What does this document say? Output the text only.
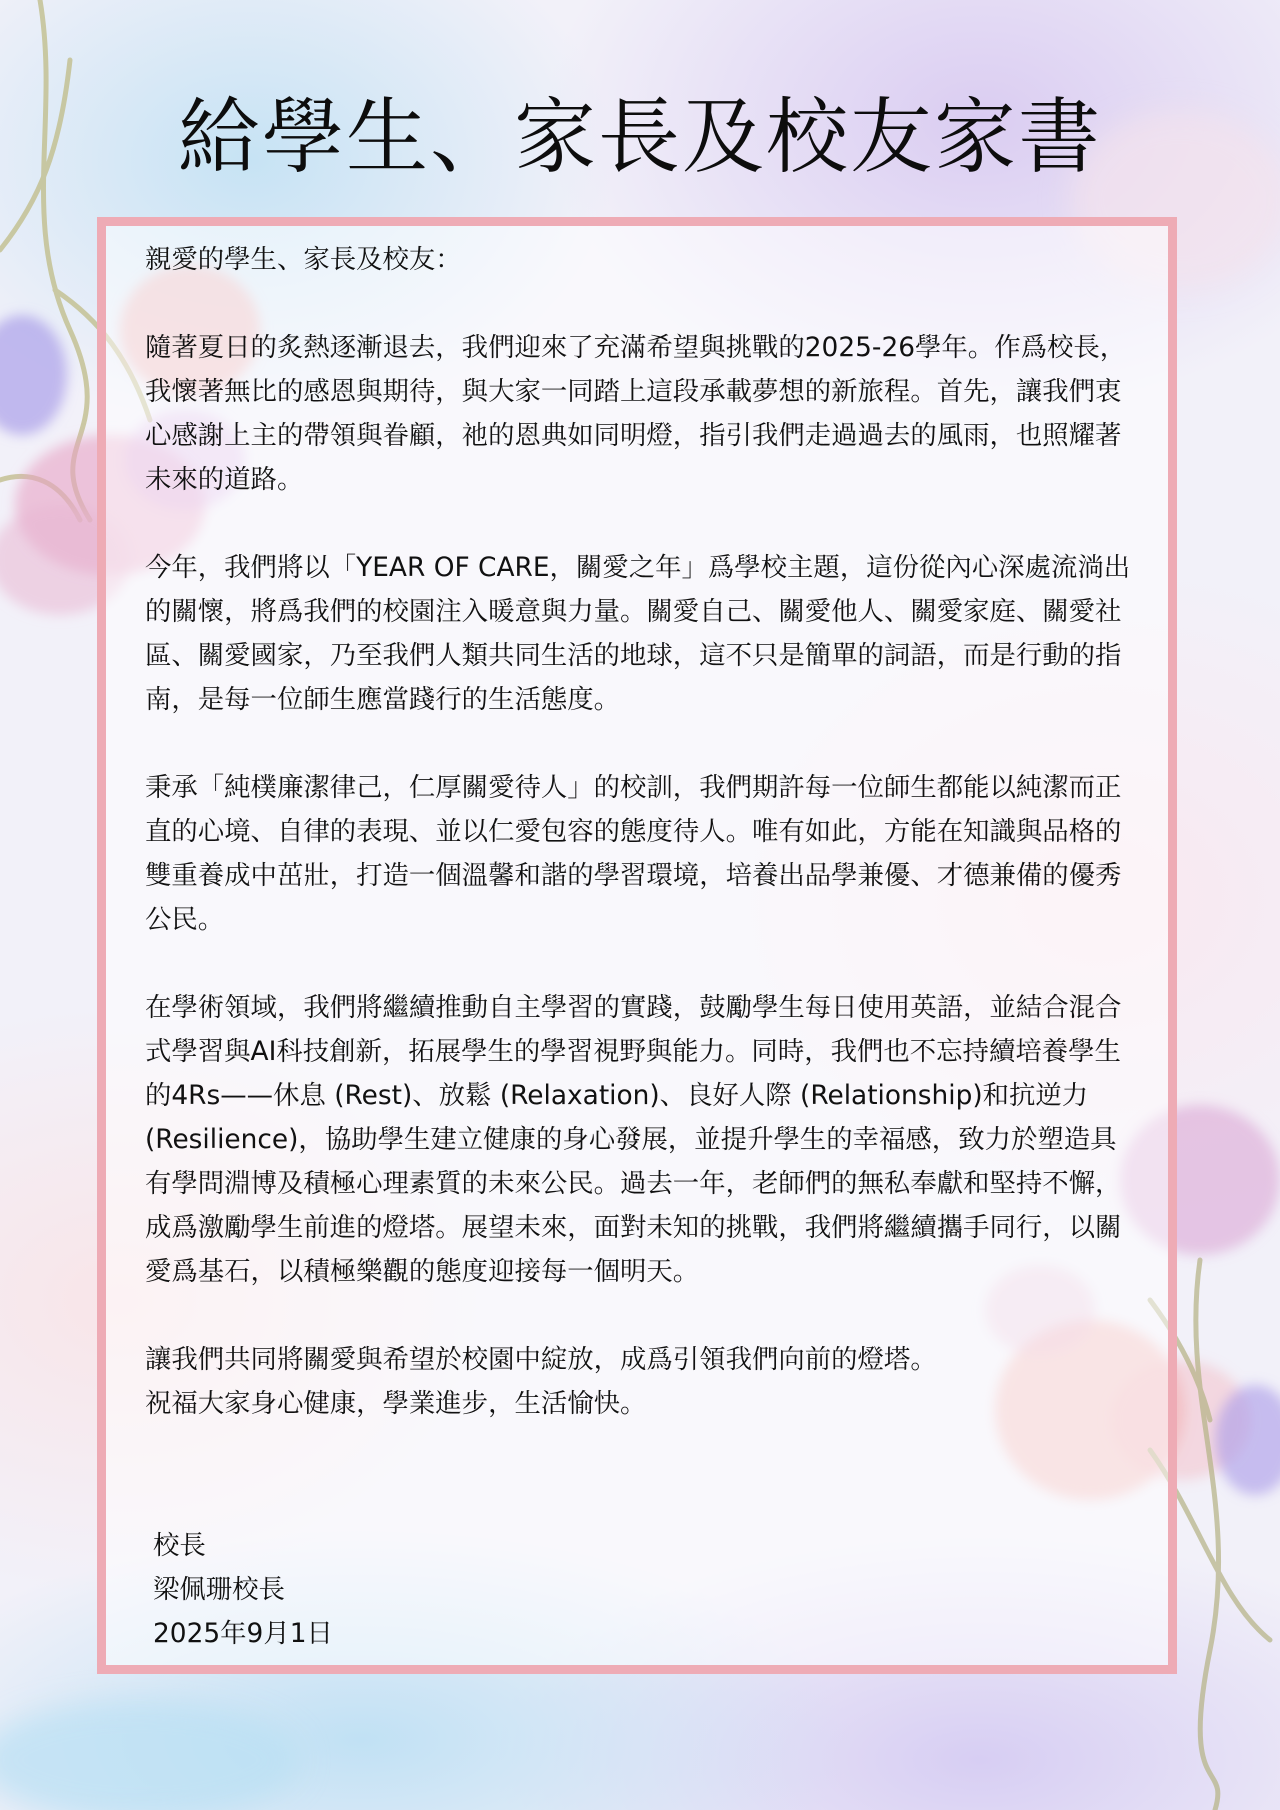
給學生、家長及校友家書

親愛的學生、家長及校友：

隨著夏日的炙熱逐漸退去，我們迎來了充滿希望與挑戰的2025-26學年。作爲校長，我懷著無比的感恩與期待，與大家一同踏上這段承載夢想的新旅程。首先，讓我們衷心感謝上主的帶領與眷顧，祂的恩典如同明燈，指引我們走過過去的風雨，也照耀著未來的道路。

今年，我們將以「YEAR OF CARE，關愛之年」爲學校主題，這份從內心深處流淌出的關懷，將爲我們的校園注入暖意與力量。關愛自己、關愛他人、關愛家庭、關愛社區、關愛國家，乃至我們人類共同生活的地球，這不只是簡單的詞語，而是行動的指南，是每一位師生應當踐行的生活態度。

秉承「純樸廉潔律己，仁厚關愛待人」的校訓，我們期許每一位師生都能以純潔而正直的心境、自律的表現、並以仁愛包容的態度待人。唯有如此，方能在知識與品格的雙重養成中茁壯，打造一個溫馨和諧的學習環境，培養出品學兼優、才德兼備的優秀公民。

在學術領域，我們將繼續推動自主學習的實踐，鼓勵學生每日使用英語，並結合混合式學習與AI科技創新，拓展學生的學習視野與能力。同時，我們也不忘持續培養學生的4Rs——休息 (Rest)、放鬆 (Relaxation)、良好人際 (Relationship)和抗逆力 (Resilience)，協助學生建立健康的身心發展，並提升學生的幸福感，致力於塑造具有學問淵博及積極心理素質的未來公民。過去一年，老師們的無私奉獻和堅持不懈，成爲激勵學生前進的燈塔。展望未來，面對未知的挑戰，我們將繼續攜手同行，以關愛爲基石，以積極樂觀的態度迎接每一個明天。

讓我們共同將關愛與希望於校園中綻放，成爲引領我們向前的燈塔。
祝福大家身心健康，學業進步，生活愉快。
校長
梁佩珊校長
2025年9月1日
